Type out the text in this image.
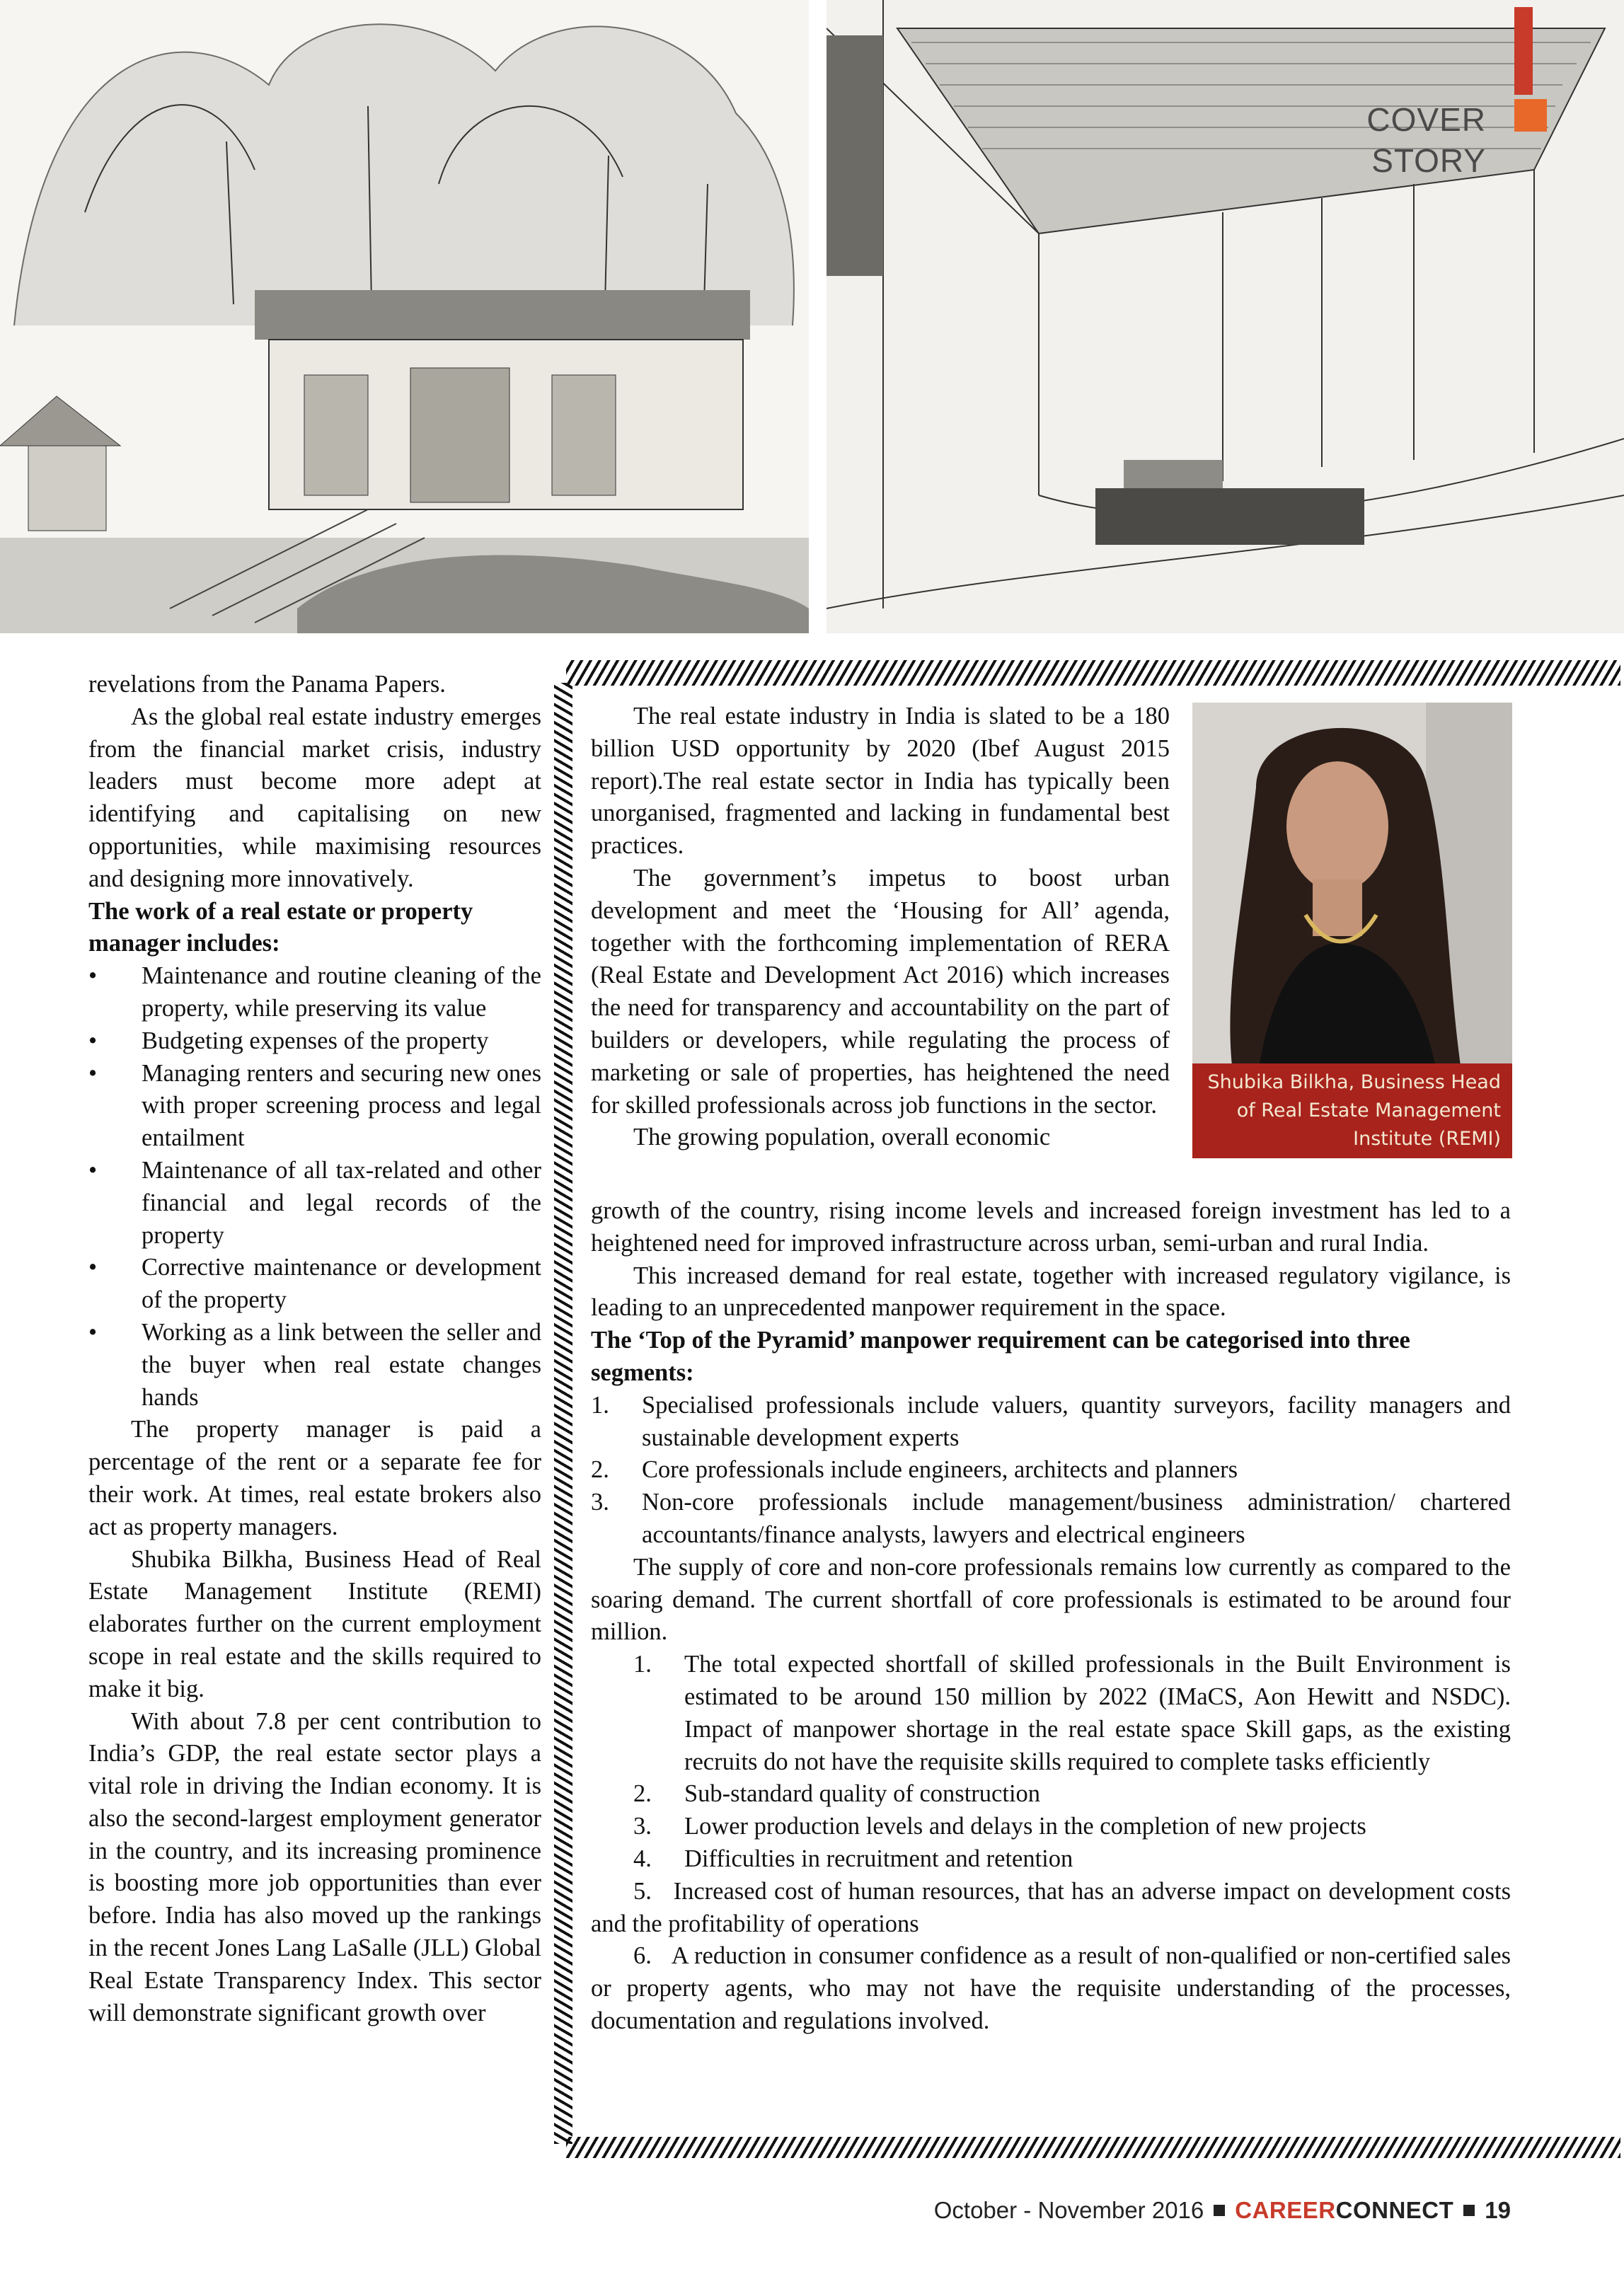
COVER STORY

revelations from the Panama Papers.

As the global real estate industry emerges from the financial market crisis, industry leaders must become more adept at identifying and capitalising on new opportunities, while maximising resources and designing more innovatively.

The work of a real estate or property manager includes:
• Maintenance and routine cleaning of the property, while preserving its value
• Budgeting expenses of the property
• Managing renters and securing new ones with proper screening process and legal entailment
• Maintenance of all tax-related and other financial and legal records of the property
• Corrective maintenance or development of the property
• Working as a link between the seller and the buyer when real estate changes hands

The property manager is paid a percentage of the rent or a separate fee for their work. At times, real estate brokers also act as property managers.

Shubika Bilkha, Business Head of Real Estate Management Institute (REMI) elaborates further on the current employment scope in real estate and the skills required to make it big.

With about 7.8 per cent contribution to India’s GDP, the real estate sector plays a vital role in driving the Indian economy. It is also the second-largest employment generator in the country, and its increasing prominence is boosting more job opportunities than ever before. India has also moved up the rankings in the recent Jones Lang LaSalle (JLL) Global Real Estate Transparency Index. This sector will demonstrate significant growth over

The real estate industry in India is slated to be a 180 billion USD opportunity by 2020 (Ibef August 2015 report).The real estate sector in India has typically been unorganised, fragmented and lacking in fundamental best practices.

The government’s impetus to boost urban development and meet the ‘Housing for All’ agenda, together with the forthcoming implementation of RERA (Real Estate and Development Act 2016) which increases the need for transparency and accountability on the part of builders or developers, while regulating the process of marketing or sale of properties, has heightened the need for skilled professionals across job functions in the sector.

The growing population, overall economic

Shubika Bilkha, Business Head of Real Estate Management Institute (REMI)

growth of the country, rising income levels and increased foreign investment has led to a heightened need for improved infrastructure across urban, semi-urban and rural India.

This increased demand for real estate, together with increased regulatory vigilance, is leading to an unprecedented manpower requirement in the space.

The ‘Top of the Pyramid’ manpower requirement can be categorised into three segments:
1. Specialised professionals include valuers, quantity surveyors, facility managers and sustainable development experts
2. Core professionals include engineers, architects and planners
3. Non-core professionals include management/business administration/ chartered accountants/finance analysts, lawyers and electrical engineers

The supply of core and non-core professionals remains low currently as compared to the soaring demand. The current shortfall of core professionals is estimated to be around four million.

1. The total expected shortfall of skilled professionals in the Built Environment is estimated to be around 150 million by 2022 (IMaCS, Aon Hewitt and NSDC). Impact of manpower shortage in the real estate space Skill gaps, as the existing recruits do not have the requisite skills required to complete tasks efficiently
2. Sub-standard quality of construction
3. Lower production levels and delays in the completion of new projects
4. Difficulties in recruitment and retention

5. Increased cost of human resources, that has an adverse impact on development costs and the profitability of operations

6. A reduction in consumer confidence as a result of non-qualified or non-certified sales or property agents, who may not have the requisite understanding of the processes, documentation and regulations involved.

October - November 2016 CAREERCONNECT 19
